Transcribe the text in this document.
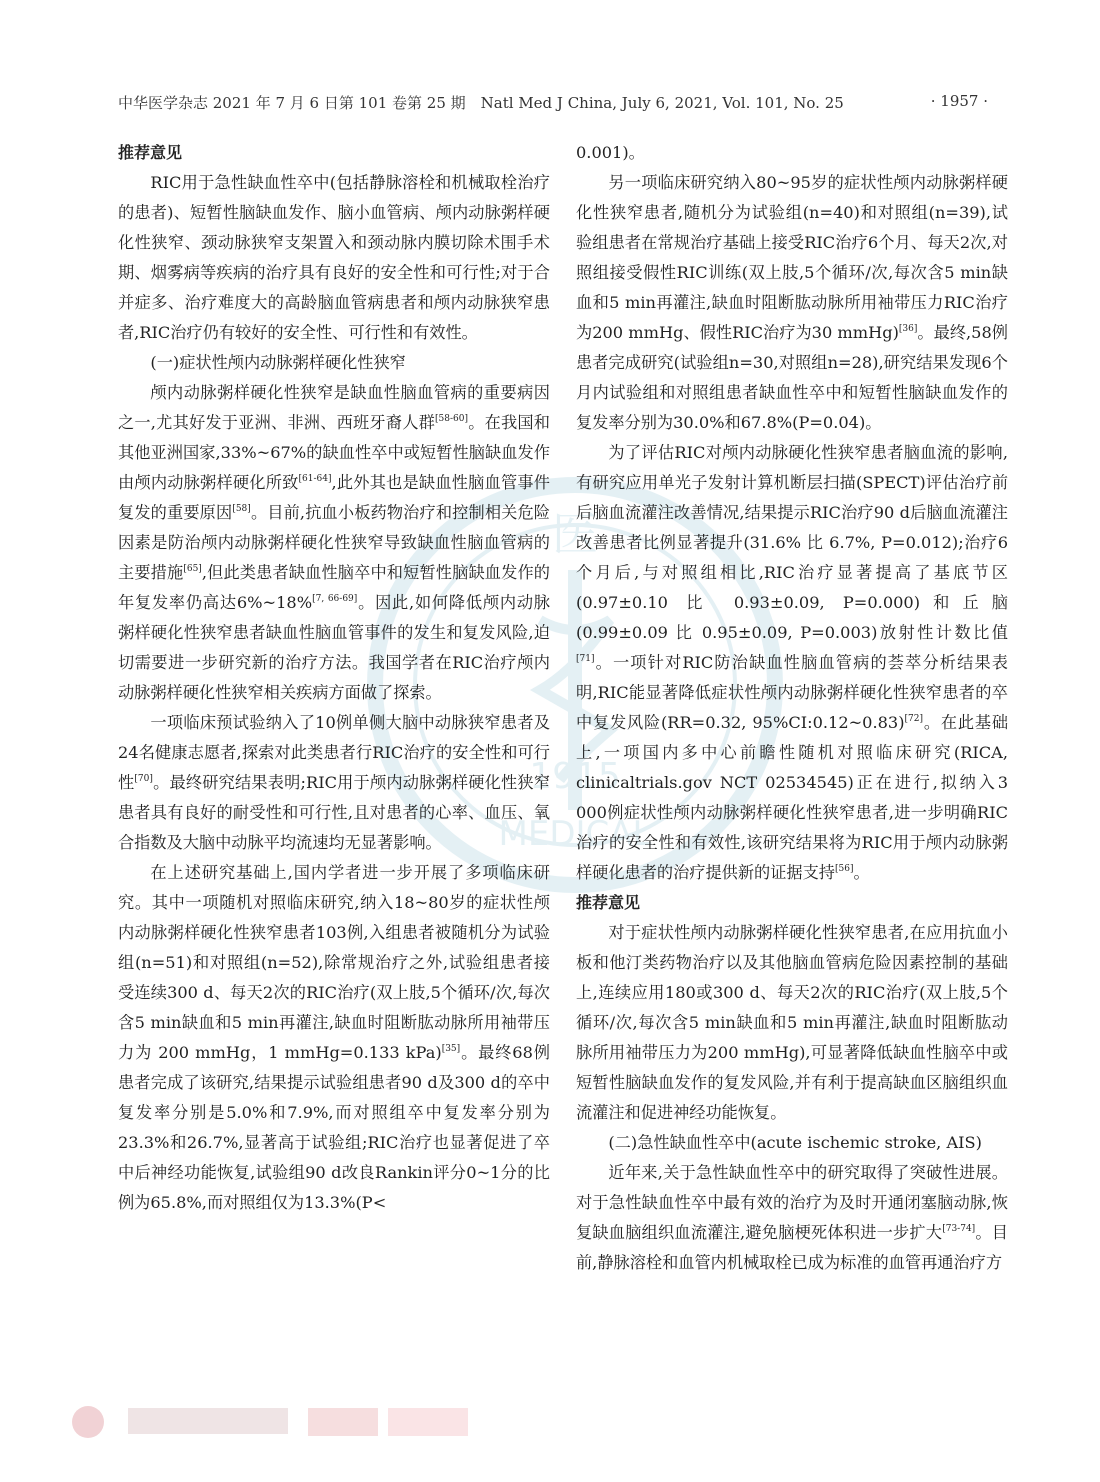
医
1915
MEDICAL
中华医学杂志 2021 年 7 月 6 日第 101 卷第 25 期　Natl Med J China, July 6, 2021, Vol. 101, No. 25	· 1957 ·
推荐意见

RIC用于急性缺血性卒中(包括静脉溶栓和机械取栓治疗的患者)、短暂性脑缺血发作、脑小血管病、颅内动脉粥样硬化性狭窄、颈动脉狭窄支架置入和颈动脉内膜切除术围手术期、烟雾病等疾病的治疗具有良好的安全性和可行性;对于合并症多、治疗难度大的高龄脑血管病患者和颅内动脉狭窄患者,RIC治疗仍有较好的安全性、可行性和有效性。

(一)症状性颅内动脉粥样硬化性狭窄

颅内动脉粥样硬化性狭窄是缺血性脑血管病的重要病因之一,尤其好发于亚洲、非洲、西班牙裔人群[58-60]。在我国和其他亚洲国家,33%~67%的缺血性卒中或短暂性脑缺血发作由颅内动脉粥样硬化所致[61-64],此外其也是缺血性脑血管事件复发的重要原因[58]。目前,抗血小板药物治疗和控制相关危险因素是防治颅内动脉粥样硬化性狭窄导致缺血性脑血管病的主要措施[65],但此类患者缺血性脑卒中和短暂性脑缺血发作的年复发率仍高达6%~18%[7, 66-69]。因此,如何降低颅内动脉粥样硬化性狭窄患者缺血性脑血管事件的发生和复发风险,迫切需要进一步研究新的治疗方法。我国学者在RIC治疗颅内动脉粥样硬化性狭窄相关疾病方面做了探索。

一项临床预试验纳入了10例单侧大脑中动脉狭窄患者及24名健康志愿者,探索对此类患者行RIC治疗的安全性和可行性[70]。最终研究结果表明;RIC用于颅内动脉粥样硬化性狭窄患者具有良好的耐受性和可行性,且对患者的心率、血压、氧合指数及大脑中动脉平均流速均无显著影响。

在上述研究基础上,国内学者进一步开展了多项临床研究。其中一项随机对照临床研究,纳入18~80岁的症状性颅内动脉粥样硬化性狭窄患者103例,入组患者被随机分为试验组(n=51)和对照组(n=52),除常规治疗之外,试验组患者接受连续300 d、每天2次的RIC治疗(双上肢,5个循环/次,每次含5 min缺血和5 min再灌注,缺血时阻断肱动脉所用袖带压力为 200 mmHg，1 mmHg=0.133 kPa)[35]。最终68例患者完成了该研究,结果提示试验组患者90 d及300 d的卒中复发率分别是5.0%和7.9%,而对照组卒中复发率分别为23.3%和26.7%,显著高于试验组;RIC治疗也显著促进了卒中后神经功能恢复,试验组90 d改良Rankin评分0~1分的比例为65.8%,而对照组仅为13.3%(P<

0.001)。

另一项临床研究纳入80~95岁的症状性颅内动脉粥样硬化性狭窄患者,随机分为试验组(n=40)和对照组(n=39),试验组患者在常规治疗基础上接受RIC治疗6个月、每天2次,对照组接受假性RIC训练(双上肢,5个循环/次,每次含5 min缺血和5 min再灌注,缺血时阻断肱动脉所用袖带压力RIC治疗为200 mmHg、假性RIC治疗为30 mmHg)[36]。最终,58例患者完成研究(试验组n=30,对照组n=28),研究结果发现6个月内试验组和对照组患者缺血性卒中和短暂性脑缺血发作的复发率分别为30.0%和67.8%(P=0.04)。

为了评估RIC对颅内动脉硬化性狭窄患者脑血流的影响,有研究应用单光子发射计算机断层扫描(SPECT)评估治疗前后脑血流灌注改善情况,结果提示RIC治疗90 d后脑血流灌注改善患者比例显著提升(31.6% 比 6.7%, P=0.012);治疗6个月后,与对照组相比,RIC治疗显著提高了基底节区(0.97±0.10 比 0.93±0.09, P=0.000)和丘脑(0.99±0.09 比 0.95±0.09, P=0.003)放射性计数比值[71]。一项针对RIC防治缺血性脑血管病的荟萃分析结果表明,RIC能显著降低症状性颅内动脉粥样硬化性狭窄患者的卒中复发风险(RR=0.32, 95%CI:0.12~0.83)[72]。在此基础上,一项国内多中心前瞻性随机对照临床研究(RICA, clinicaltrials.gov NCT 02534545)正在进行,拟纳入3 000例症状性颅内动脉粥样硬化性狭窄患者,进一步明确RIC治疗的安全性和有效性,该研究结果将为RIC用于颅内动脉粥样硬化患者的治疗提供新的证据支持[56]。

推荐意见

对于症状性颅内动脉粥样硬化性狭窄患者,在应用抗血小板和他汀类药物治疗以及其他脑血管病危险因素控制的基础上,连续应用180或300 d、每天2次的RIC治疗(双上肢,5个循环/次,每次含5 min缺血和5 min再灌注,缺血时阻断肱动脉所用袖带压力为200 mmHg),可显著降低缺血性脑卒中或短暂性脑缺血发作的复发风险,并有利于提高缺血区脑组织血流灌注和促进神经功能恢复。

(二)急性缺血性卒中(acute ischemic stroke, AIS)

近年来,关于急性缺血性卒中的研究取得了突破性进展。对于急性缺血性卒中最有效的治疗为及时开通闭塞脑动脉,恢复缺血脑组织血流灌注,避免脑梗死体积进一步扩大[73-74]。目前,静脉溶栓和血管内机械取栓已成为标准的血管再通治疗方
